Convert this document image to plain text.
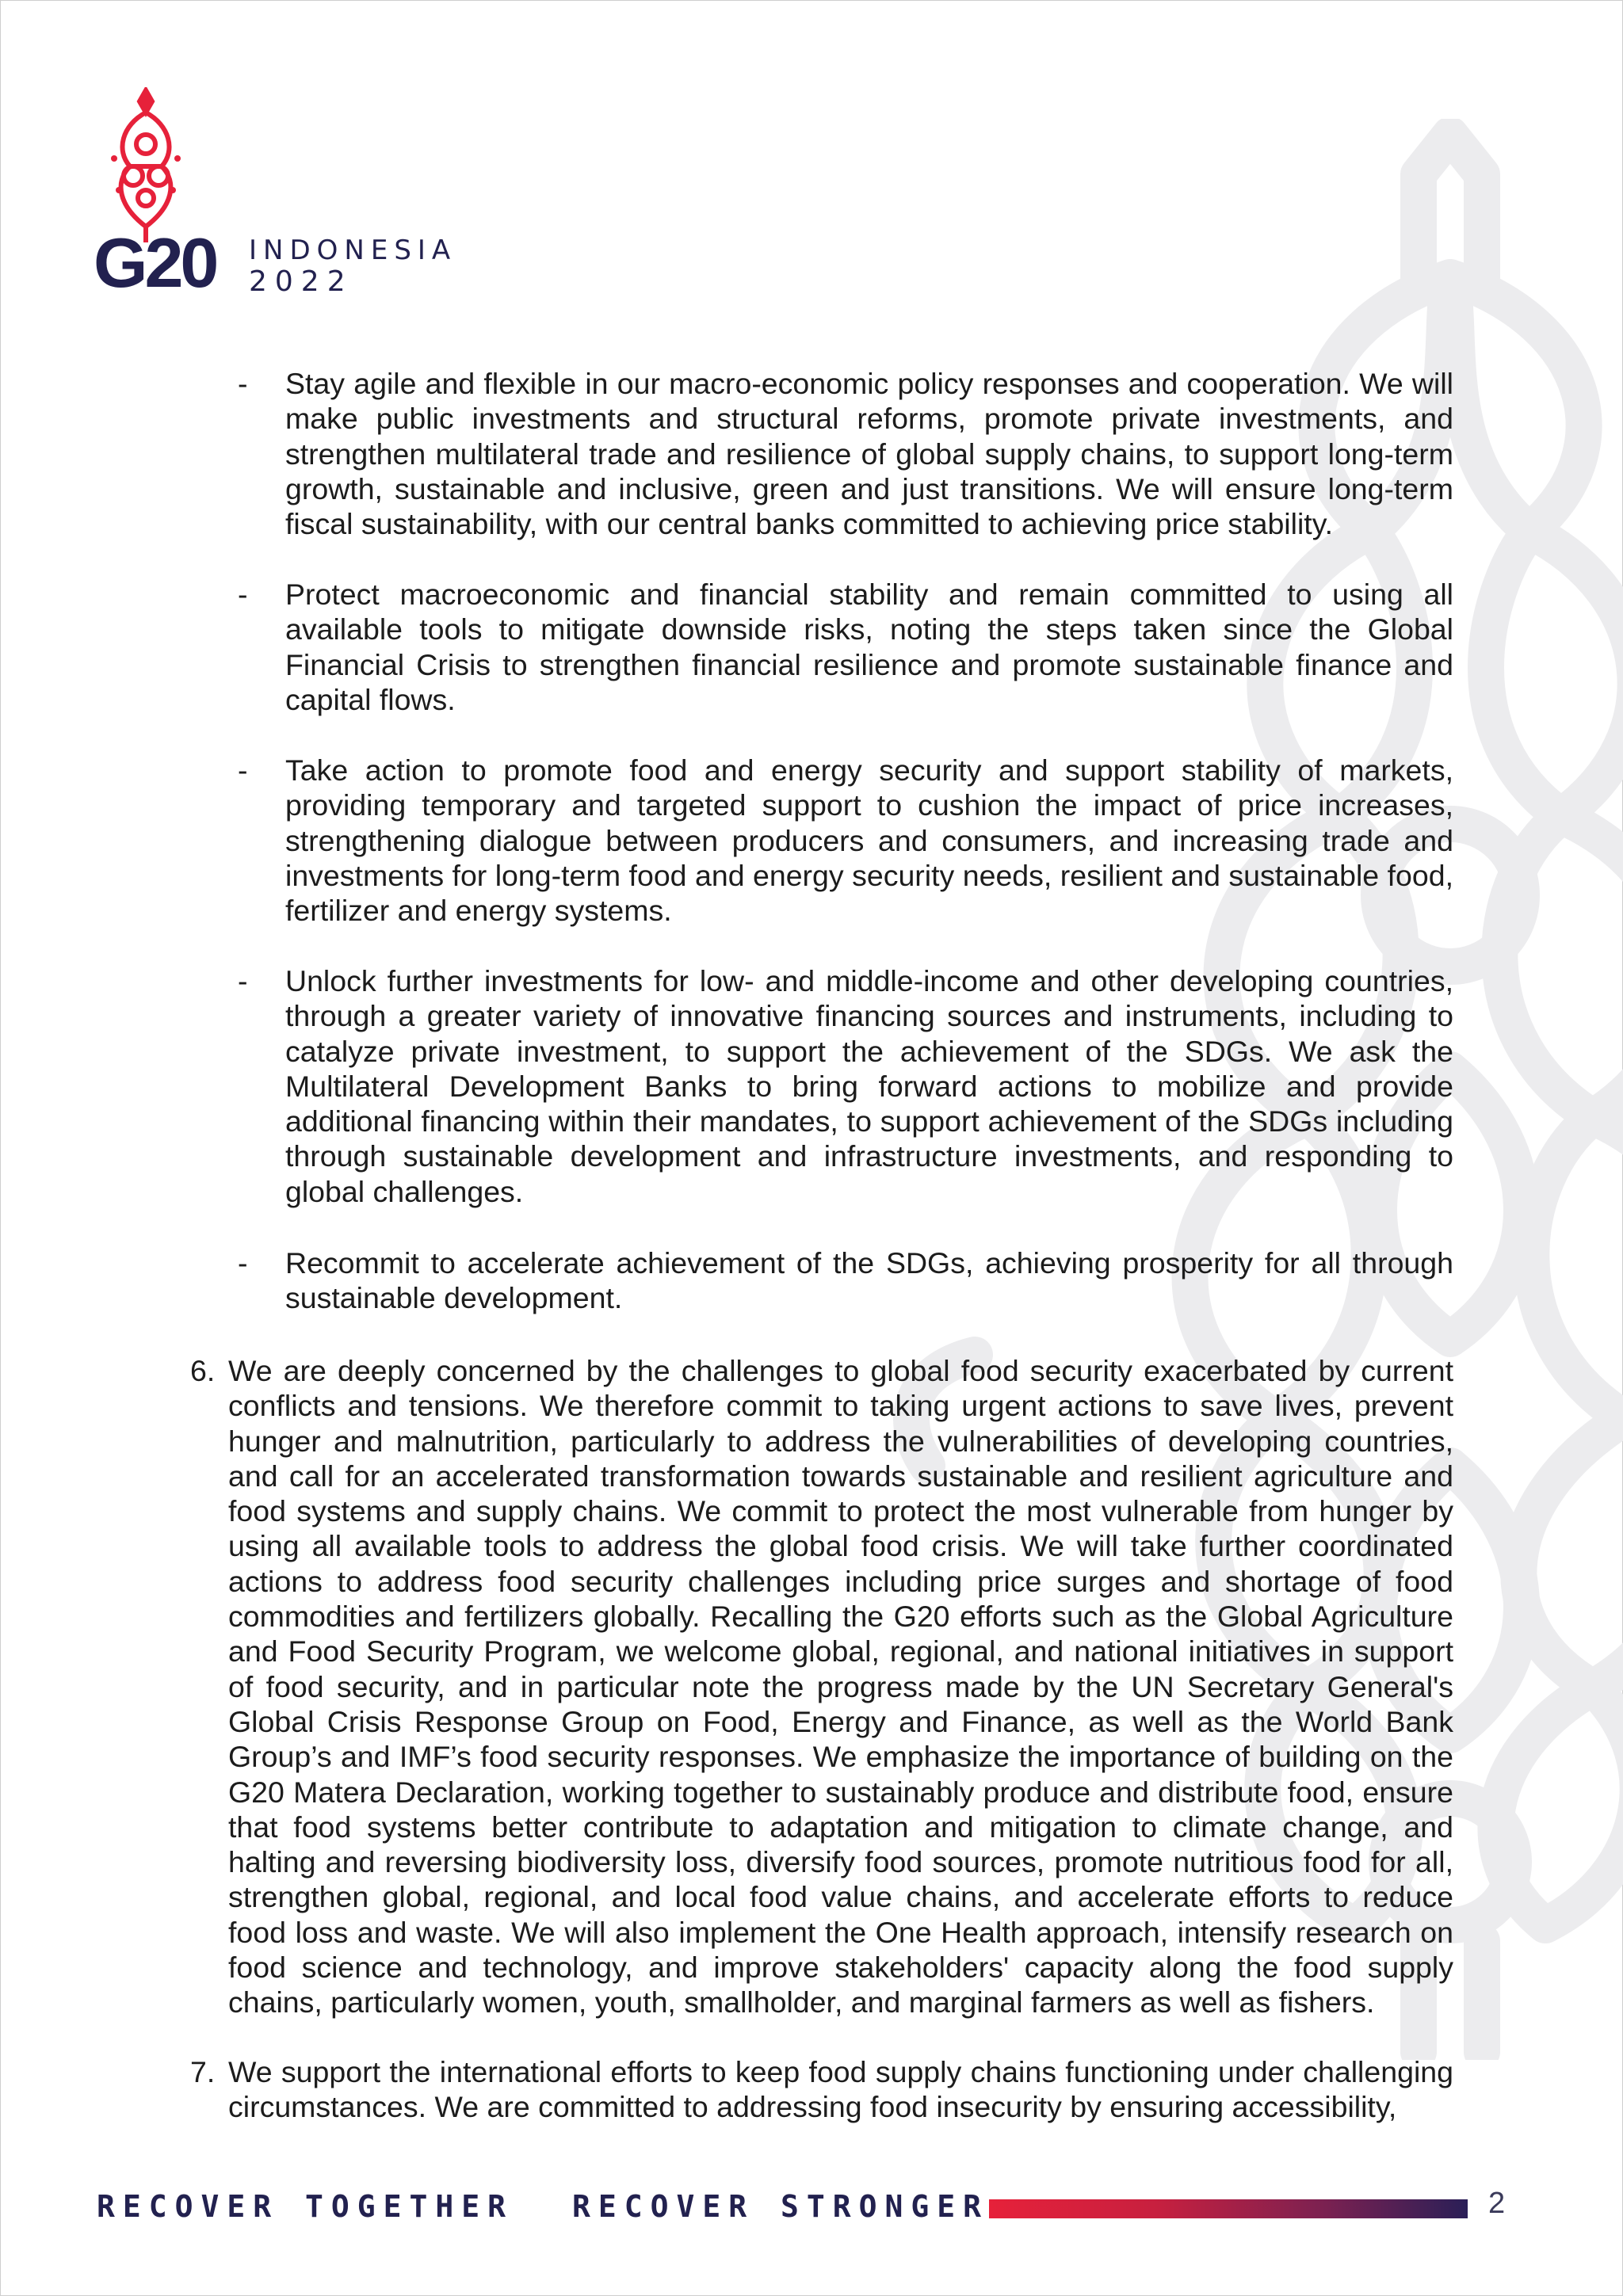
G20 INDONESIA
2022
- Stay agile and flexible in our macro-economic policy responses and cooperation. We will make public investments and structural reforms, promote private investments, and strengthen multilateral trade and resilience of global supply chains, to support long-term growth, sustainable and inclusive, green and just transitions. We will ensure long-term fiscal sustainability, with our central banks committed to achieving price stability.
- Protect macroeconomic and financial stability and remain committed to using all available tools to mitigate downside risks, noting the steps taken since the Global Financial Crisis to strengthen financial resilience and promote sustainable finance and capital flows.
- Take action to promote food and energy security and support stability of markets, providing temporary and targeted support to cushion the impact of price increases, strengthening dialogue between producers and consumers, and increasing trade and investments for long-term food and energy security needs, resilient and sustainable food, fertilizer and energy systems.
- Unlock further investments for low- and middle-income and other developing countries, through a greater variety of innovative financing sources and instruments, including to catalyze private investment, to support the achievement of the SDGs. We ask the Multilateral Development Banks to bring forward actions to mobilize and provide additional financing within their mandates, to support achievement of the SDGs including through sustainable development and infrastructure investments, and responding to global challenges.
- Recommit to accelerate achievement of the SDGs, achieving prosperity for all through sustainable development.
6. We are deeply concerned by the challenges to global food security exacerbated by current conflicts and tensions. We therefore commit to taking urgent actions to save lives, prevent hunger and malnutrition, particularly to address the vulnerabilities of developing countries, and call for an accelerated transformation towards sustainable and resilient agriculture and food systems and supply chains. We commit to protect the most vulnerable from hunger by using all available tools to address the global food crisis. We will take further coordinated actions to address food security challenges including price surges and shortage of food commodities and fertilizers globally. Recalling the G20 efforts such as the Global Agriculture and Food Security Program, we welcome global, regional, and national initiatives in support of food security, and in particular note the progress made by the UN Secretary General's Global Crisis Response Group on Food, Energy and Finance, as well as the World Bank Group’s and IMF’s food security responses. We emphasize the importance of building on the G20 Matera Declaration, working together to sustainably produce and distribute food, ensure that food systems better contribute to adaptation and mitigation to climate change, and halting and reversing biodiversity loss, diversify food sources, promote nutritious food for all, strengthen global, regional, and local food value chains, and accelerate efforts to reduce food loss and waste. We will also implement the One Health approach, intensify research on food science and technology, and improve stakeholders' capacity along the food supply chains, particularly women, youth, smallholder, and marginal farmers as well as fishers.
7. We support the international efforts to keep food supply chains functioning under challenging circumstances. We are committed to addressing food insecurity by ensuring accessibility,
RECOVER TOGETHER RECOVER STRONGER	2
